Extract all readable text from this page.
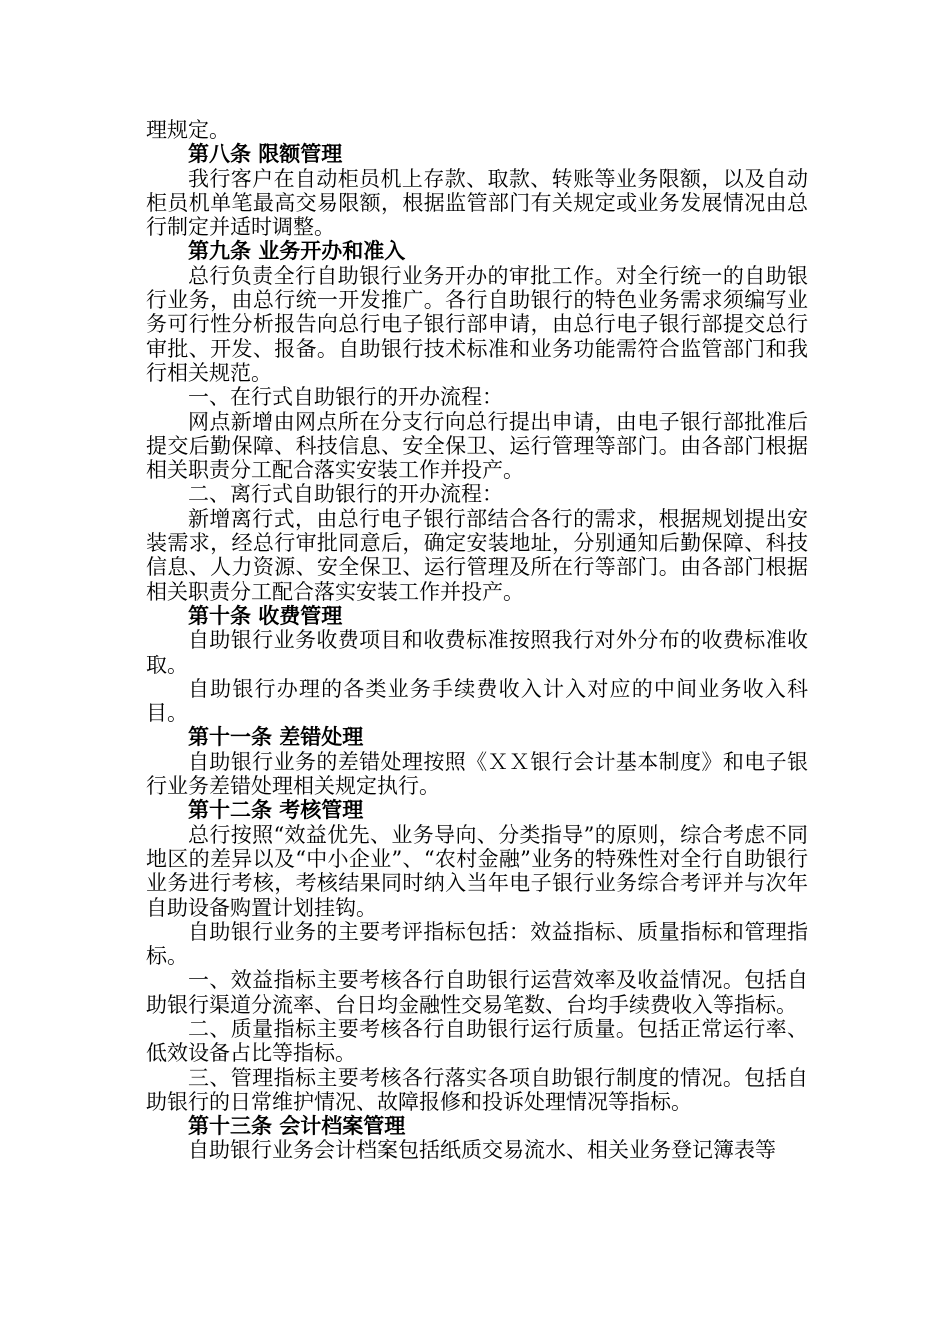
理规定。

第八条 限额管理

我行客户在自动柜员机上存款、取款、转账等业务限额，以及自动柜员机单笔最高交易限额，根据监管部门有关规定或业务发展情况由总行制定并适时调整。

第九条 业务开办和准入

总行负责全行自助银行业务开办的审批工作。对全行统一的自助银行业务，由总行统一开发推广。各行自助银行的特色业务需求须编写业务可行性分析报告向总行电子银行部申请，由总行电子银行部提交总行审批、开发、报备。自助银行技术标准和业务功能需符合监管部门和我行相关规范。

一、在行式自助银行的开办流程：

网点新增由网点所在分支行向总行提出申请，由电子银行部批准后提交后勤保障、科技信息、安全保卫、运行管理等部门。由各部门根据相关职责分工配合落实安装工作并投产。

二、离行式自助银行的开办流程：

新增离行式，由总行电子银行部结合各行的需求，根据规划提出安装需求，经总行审批同意后，确定安装地址，分别通知后勤保障、科技信息、人力资源、安全保卫、运行管理及所在行等部门。由各部门根据相关职责分工配合落实安装工作并投产。

第十条 收费管理

自助银行业务收费项目和收费标准按照我行对外分布的收费标准收取。

自助银行办理的各类业务手续费收入计入对应的中间业务收入科目。

第十一条 差错处理

自助银行业务的差错处理按照《ＸＸ银行会计基本制度》和电子银行业务差错处理相关规定执行。

第十二条 考核管理

总行按照“效益优先、业务导向、分类指导”的原则，综合考虑不同地区的差异以及“中小企业”、“农村金融”业务的特殊性对全行自助银行业务进行考核，考核结果同时纳入当年电子银行业务综合考评并与次年自助设备购置计划挂钩。

自助银行业务的主要考评指标包括：效益指标、质量指标和管理指标。

一、效益指标主要考核各行自助银行运营效率及收益情况。包括自助银行渠道分流率、台日均金融性交易笔数、台均手续费收入等指标。

二、质量指标主要考核各行自助银行运行质量。包括正常运行率、低效设备占比等指标。

三、管理指标主要考核各行落实各项自助银行制度的情况。包括自助银行的日常维护情况、故障报修和投诉处理情况等指标。

第十三条 会计档案管理

自助银行业务会计档案包括纸质交易流水、相关业务登记簿表等
